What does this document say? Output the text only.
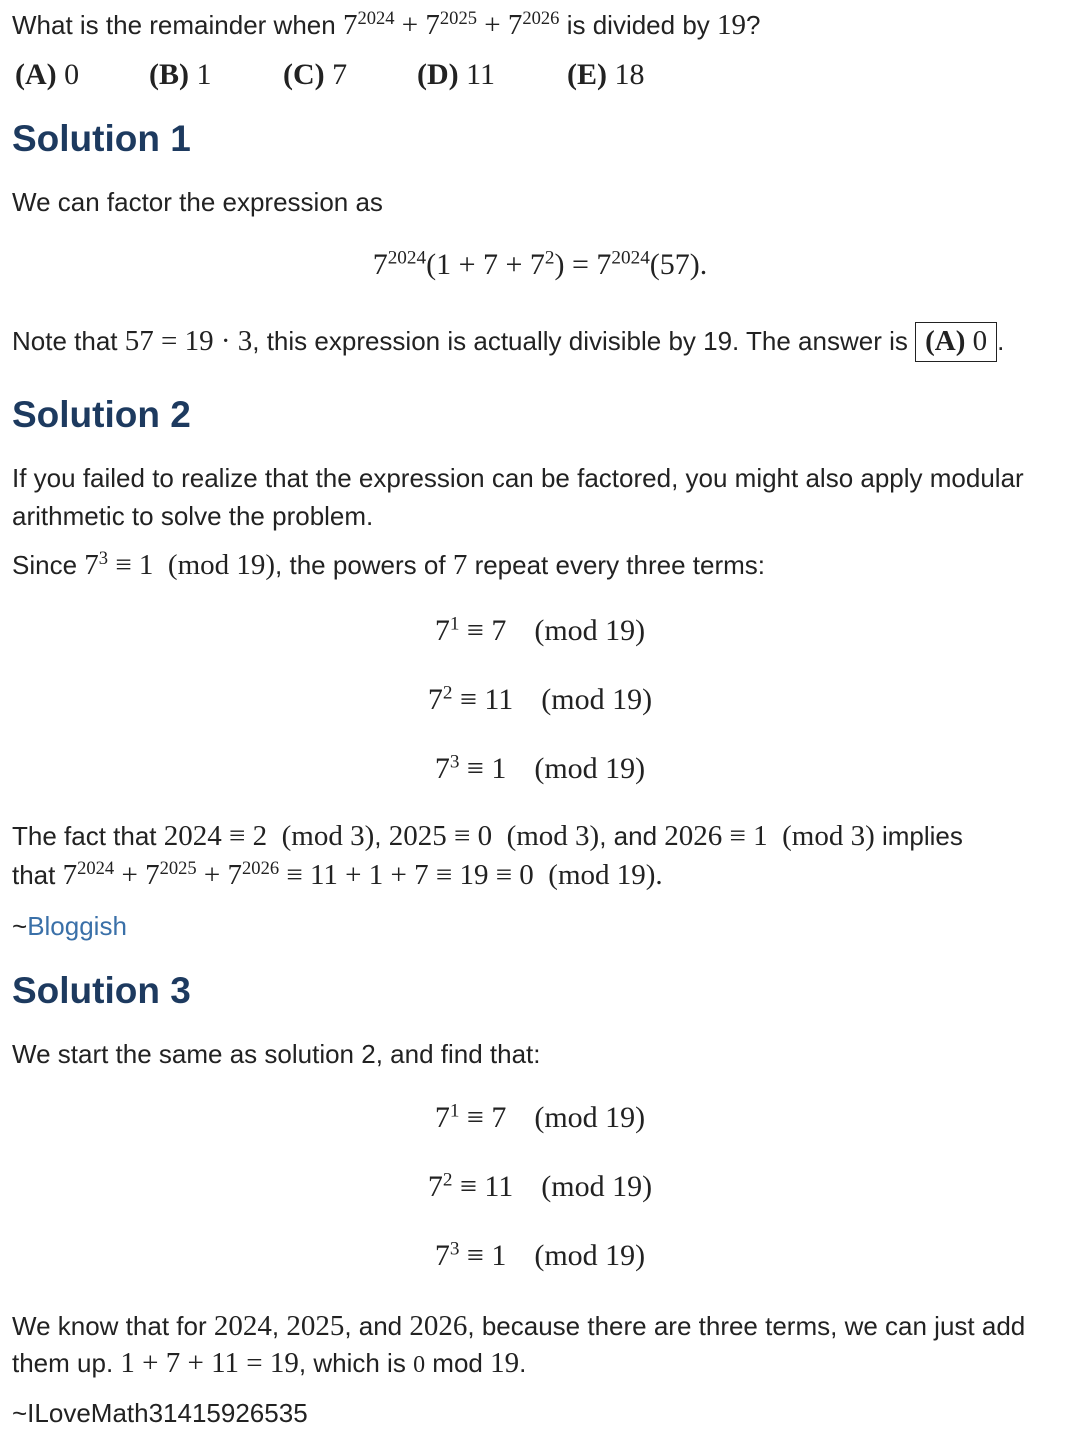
What is the remainder when $7^{2024} + 7^{2025} + 7^{2026}$ is divided by 19?
(A) 0 (B) 1 (C) 7 (D) 11 (E) 18
Solution 1
We can factor the expression as
$7^{2024}(1 + 7 + 7^2) = 7^{2024}(57)$.
Note that 57 = 19 · 3, this expression is actually divisible by 19. The answer is (A) 0 .
Solution 2
If you failed to realize that the expression can be factored, you might also apply modular
arithmetic to solve the problem.
Since $7^3 \equiv 1$  (mod 19), the powers of 7 repeat every three terms:
$7^1 \equiv 7$ (mod 19)
$7^2 \equiv 11$ (mod 19)
$7^3 \equiv 1$ (mod 19)
The fact that 2024 ≡ 2  (mod 3), 2025 ≡ 0  (mod 3), and 2026 ≡ 1  (mod 3) implies
that $7^{2024} + 7^{2025} + 7^{2026} \equiv 11 + 1 + 7 \equiv 19 \equiv 0$  (mod 19).
~Bloggish
Solution 3
We start the same as solution 2, and find that:
$7^1 \equiv 7$ (mod 19)
$7^2 \equiv 11$ (mod 19)
$7^3 \equiv 1$ (mod 19)
We know that for 2024, 2025, and 2026, because there are three terms, we can just add
them up. 1 + 7 + 11 = 19, which is 0 mod 19.
~ILoveMath31415926535
